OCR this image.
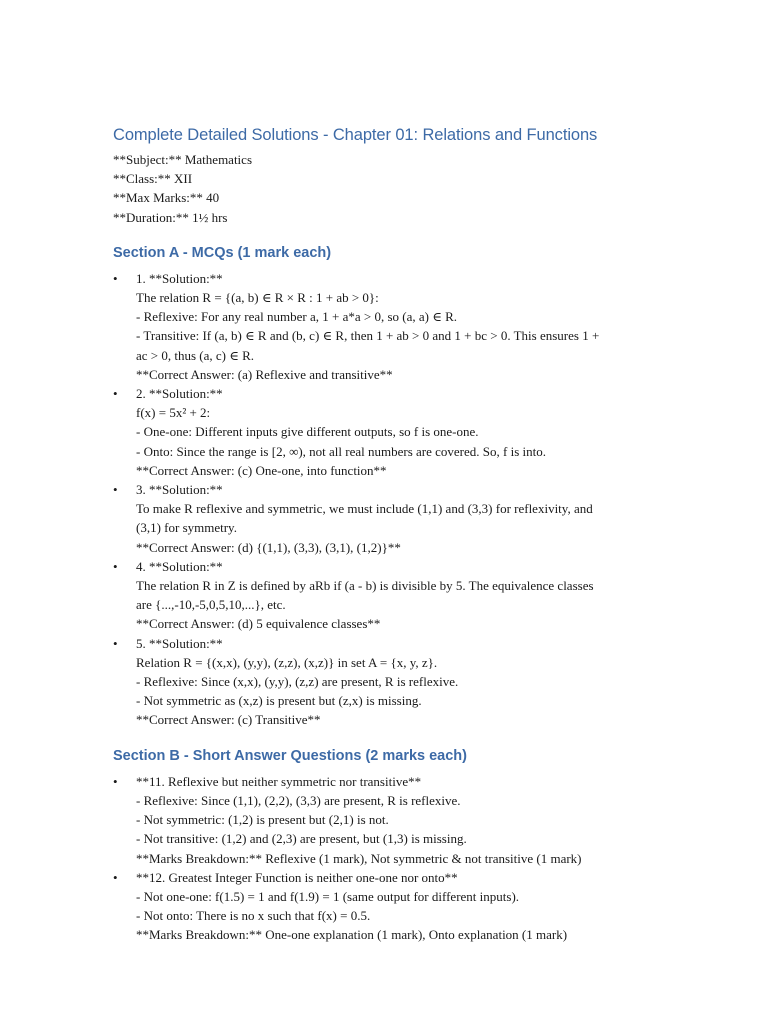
Complete Detailed Solutions - Chapter 01: Relations and Functions

**Subject:** Mathematics

**Class:** XII

**Max Marks:** 40

**Duration:** 1½ hrs

Section A - MCQs (1 mark each)
• 1. **Solution:**
The relation R = {(a, b) ∈ R × R : 1 + ab > 0}:
- Reflexive: For any real number a, 1 + a*a > 0, so (a, a) ∈ R.
- Transitive: If (a, b) ∈ R and (b, c) ∈ R, then 1 + ab > 0 and 1 + bc > 0. This ensures 1 +
ac > 0, thus (a, c) ∈ R.
**Correct Answer: (a) Reflexive and transitive**
• 2. **Solution:**
f(x) = 5x² + 2:
- One-one: Different inputs give different outputs, so f is one-one.
- Onto: Since the range is [2, ∞), not all real numbers are covered. So, f is into.
**Correct Answer: (c) One-one, into function**
• 3. **Solution:**
To make R reflexive and symmetric, we must include (1,1) and (3,3) for reflexivity, and
(3,1) for symmetry.
**Correct Answer: (d) {(1,1), (3,3), (3,1), (1,2)}**
• 4. **Solution:**
The relation R in Z is defined by aRb if (a - b) is divisible by 5. The equivalence classes
are {...,-10,-5,0,5,10,...}, etc.
**Correct Answer: (d) 5 equivalence classes**
• 5. **Solution:**
Relation R = {(x,x), (y,y), (z,z), (x,z)} in set A = {x, y, z}.
- Reflexive: Since (x,x), (y,y), (z,z) are present, R is reflexive.
- Not symmetric as (x,z) is present but (z,x) is missing.
**Correct Answer: (c) Transitive**
Section B - Short Answer Questions (2 marks each)
• **11. Reflexive but neither symmetric nor transitive**
- Reflexive: Since (1,1), (2,2), (3,3) are present, R is reflexive.
- Not symmetric: (1,2) is present but (2,1) is not.
- Not transitive: (1,2) and (2,3) are present, but (1,3) is missing.
**Marks Breakdown:** Reflexive (1 mark), Not symmetric & not transitive (1 mark)
• **12. Greatest Integer Function is neither one-one nor onto**
- Not one-one: f(1.5) = 1 and f(1.9) = 1 (same output for different inputs).
- Not onto: There is no x such that f(x) = 0.5.
**Marks Breakdown:** One-one explanation (1 mark), Onto explanation (1 mark)
